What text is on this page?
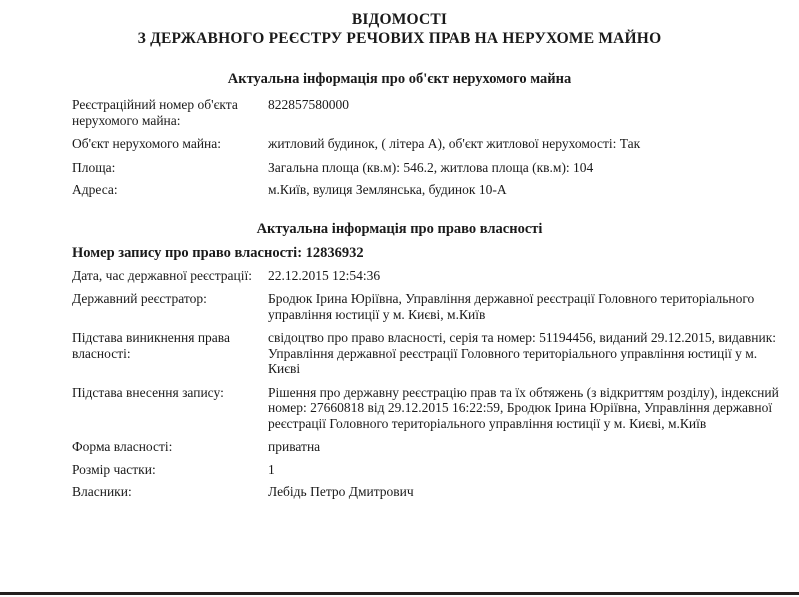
ВІДОМОСТІ
З ДЕРЖАВНОГО РЕЄСТРУ РЕЧОВИХ ПРАВ НА НЕРУХОМЕ МАЙНО
Актуальна інформація про об'єкт нерухомого майна
Реєстраційний номер об'єкта нерухомого майна:
822857580000
Об'єкт нерухомого майна:	житловий будинок, ( літера А), об'єкт житлової нерухомості: Так
Площа:	Загальна площа (кв.м): 546.2, житлова площа (кв.м): 104
Адреса:	м.Київ, вулиця Землянська, будинок 10-А
Актуальна інформація про право власності
Номер запису про право власності: 12836932
Дата, час державної реєстрації:	22.12.2015 12:54:36
Державний реєстратор:	Бродюк Ірина Юріївна, Управління державної реєстрації Головного територіального управління юстиції у м. Києві, м.Київ
Підстава виникнення права власності:
свідоцтво про право власності, серія та номер: 51194456, виданий 29.12.2015, видавник: Управління державної реєстрації Головного територіального управління юстиції у м. Києві
Підстава внесення запису:	Рішення про державну реєстрацію прав та їх обтяжень (з відкриттям розділу), індексний номер: 27660818 від 29.12.2015 16:22:59, Бродюк Ірина Юріївна, Управління державної реєстрації Головного територіального управління юстиції у м. Києві, м.Київ
Форма власності:	приватна
Розмір частки:	1
Власники:	Лебідь Петро Дмитрович
